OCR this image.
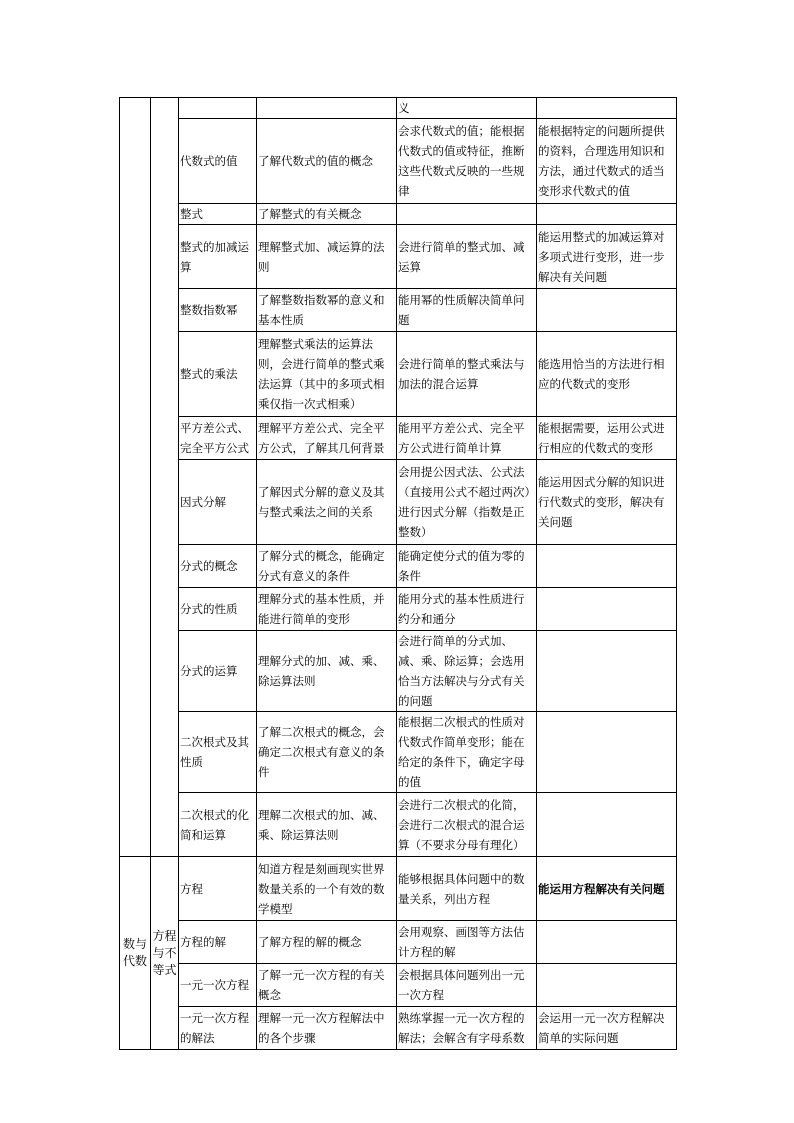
				义	
		代数式的值	了解代数式的值的概念	会求代数式的值；能根据代数式的值或特征，推断这些代数式反映的一些规律	能根据特定的问题所提供的资料，合理选用知识和方法，通过代数式的适当变形求代数式的值
		整式	了解整式的有关概念		
		整式的加减运算	理解整式加、减运算的法则	会进行简单的整式加、减运算	能运用整式的加减运算对多项式进行变形，进一步解决有关问题
		整数指数幂	了解整数指数幂的意义和基本性质	能用幂的性质解决简单问题	
		整式的乘法	理解整式乘法的运算法则，会进行简单的整式乘法运算（其中的多项式相乘仅指一次式相乘）	会进行简单的整式乘法与加法的混合运算	能选用恰当的方法进行相应的代数式的变形
		平方差公式、完全平方公式	理解平方差公式、完全平方公式，了解其几何背景	能用平方差公式、完全平方公式进行简单计算	能根据需要，运用公式进行相应的代数式的变形
		因式分解	了解因式分解的意义及其与整式乘法之间的关系	会用提公因式法、公式法（直接用公式不超过两次）进行因式分解（指数是正整数）	能运用因式分解的知识进行代数式的变形，解决有关问题
		分式的概念	了解分式的概念，能确定分式有意义的条件	能确定使分式的值为零的条件	
		分式的性质	理解分式的基本性质，并能进行简单的变形	能用分式的基本性质进行约分和通分	
		分式的运算	理解分式的加、减、乘、除运算法则	会进行简单的分式加、减、乘、除运算；会选用恰当方法解决与分式有关的问题	
		二次根式及其性质	了解二次根式的概念，会确定二次根式有意义的条件	能根据二次根式的性质对代数式作简单变形；能在给定的条件下，确定字母的值	
		二次根式的化简和运算	理解二次根式的加、减、乘、除运算法则	会进行二次根式的化简，会进行二次根式的混合运算（不要求分母有理化）	
数与代数	方程与不等式	方程	知道方程是刻画现实世界数量关系的一个有效的数学模型	能够根据具体问题中的数量关系，列出方程	能运用方程解决有关问题
		方程的解	了解方程的解的概念	会用观察、画图等方法估计方程的解	
		一元一次方程	了解一元一次方程的有关概念	会根据具体问题列出一元一次方程	
		一元一次方程的解法	理解一元一次方程解法中的各个步骤	熟练掌握一元一次方程的解法；会解含有字母系数	会运用一元一次方程解决简单的实际问题
